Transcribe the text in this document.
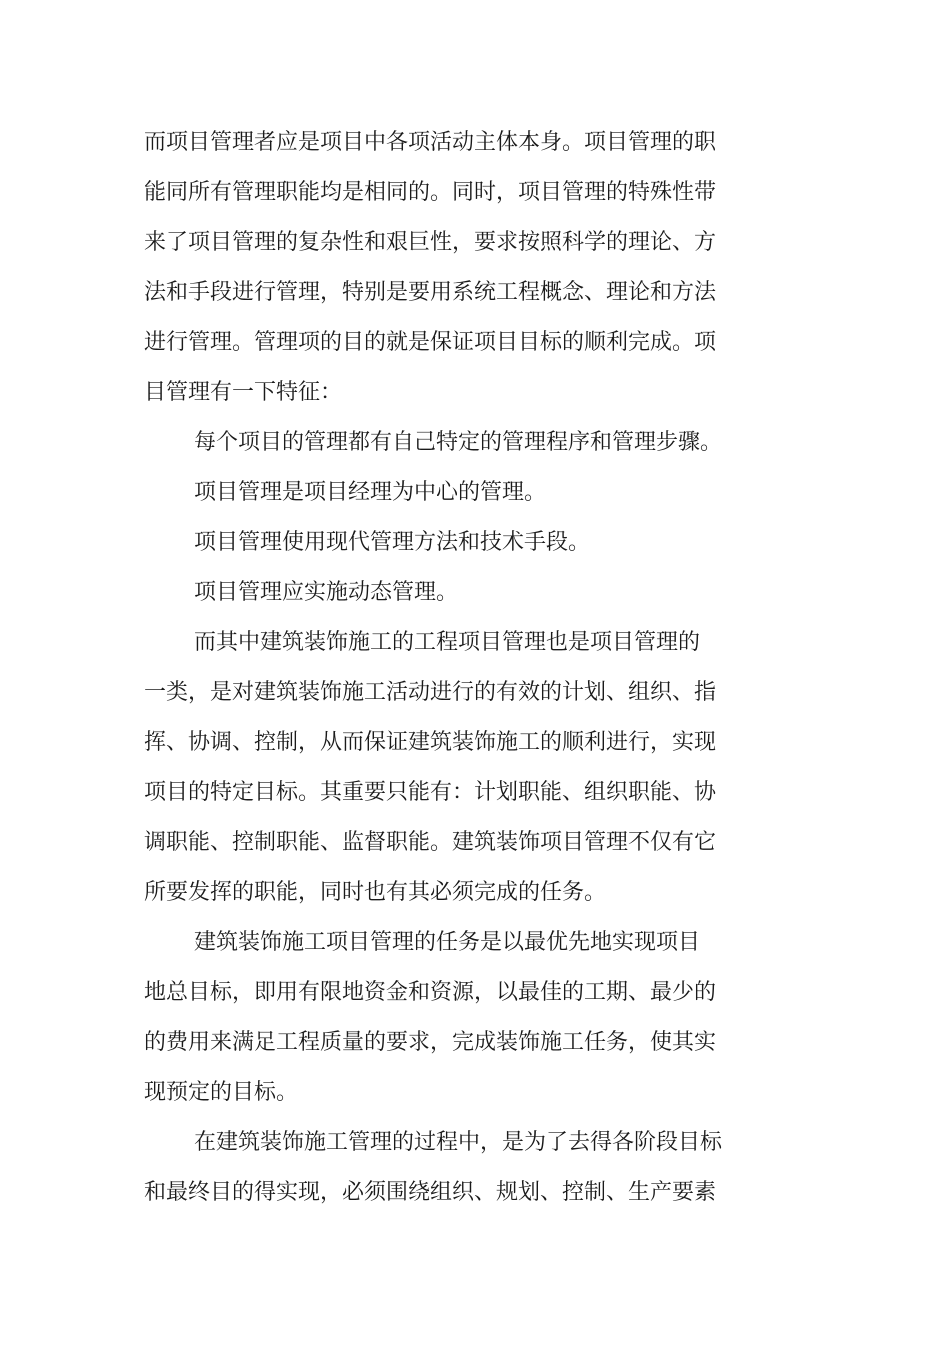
而项目管理者应是项目中各项活动主体本身。项目管理的职
能同所有管理职能均是相同的。同时，项目管理的特殊性带
来了项目管理的复杂性和艰巨性，要求按照科学的理论、方
法和手段进行管理，特别是要用系统工程概念、理论和方法
进行管理。管理项的目的就是保证项目目标的顺利完成。项
目管理有一下特征：
每个项目的管理都有自己特定的管理程序和管理步骤。
项目管理是项目经理为中心的管理。
项目管理使用现代管理方法和技术手段。
项目管理应实施动态管理。
而其中建筑装饰施工的工程项目管理也是项目管理的
一类，是对建筑装饰施工活动进行的有效的计划、组织、指
挥、协调、控制，从而保证建筑装饰施工的顺利进行，实现
项目的特定目标。其重要只能有：计划职能、组织职能、协
调职能、控制职能、监督职能。建筑装饰项目管理不仅有它
所要发挥的职能，同时也有其必须完成的任务。
建筑装饰施工项目管理的任务是以最优先地实现项目
地总目标，即用有限地资金和资源，以最佳的工期、最少的
的费用来满足工程质量的要求，完成装饰施工任务，使其实
现预定的目标。
在建筑装饰施工管理的过程中，是为了去得各阶段目标
和最终目的得实现，必须围绕组织、规划、控制、生产要素
